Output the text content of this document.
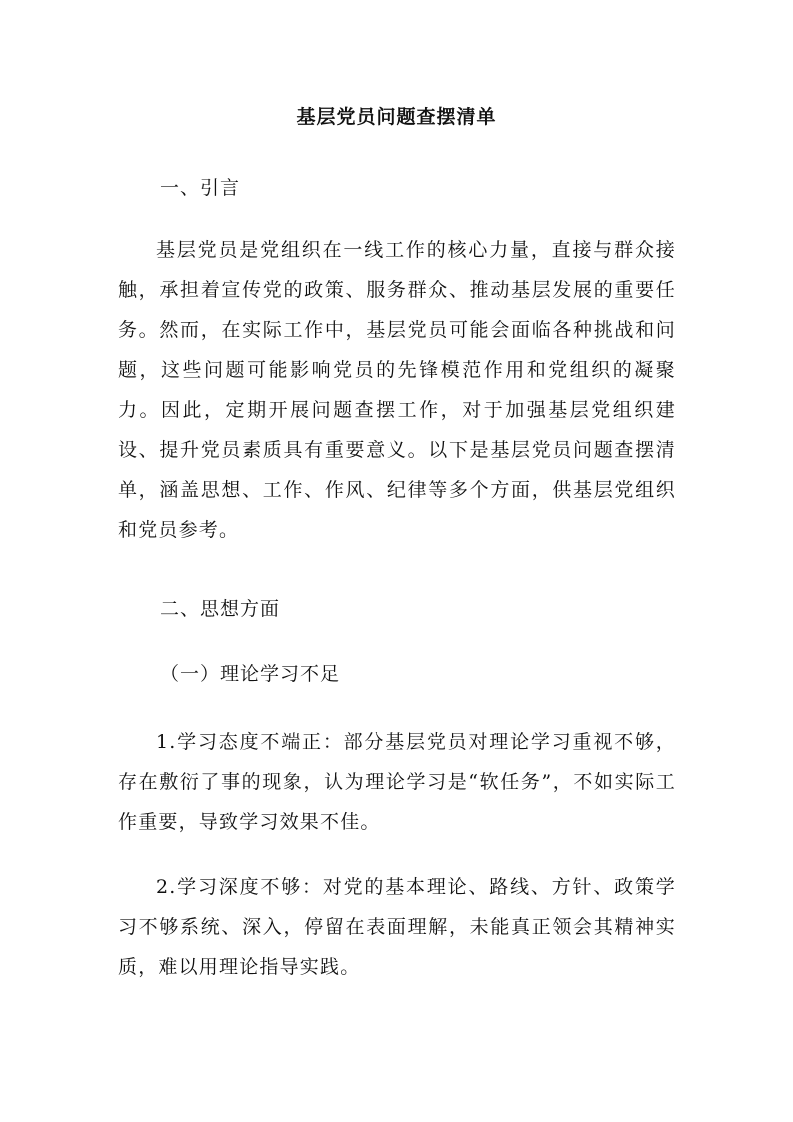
基层党员问题查摆清单
一、引言
基层党员是党组织在一线工作的核心力量，直接与群众接触，承担着宣传党的政策、服务群众、推动基层发展的重要任务。然而，在实际工作中，基层党员可能会面临各种挑战和问题，这些问题可能影响党员的先锋模范作用和党组织的凝聚力。因此，定期开展问题查摆工作，对于加强基层党组织建设、提升党员素质具有重要意义。以下是基层党员问题查摆清单，涵盖思想、工作、作风、纪律等多个方面，供基层党组织和党员参考。
二、思想方面
（一）理论学习不足
1.学习态度不端正：部分基层党员对理论学习重视不够，存在敷衍了事的现象，认为理论学习是“软任务”，不如实际工作重要，导致学习效果不佳。
2.学习深度不够：对党的基本理论、路线、方针、政策学习不够系统、深入，停留在表面理解，未能真正领会其精神实质，难以用理论指导实践。
